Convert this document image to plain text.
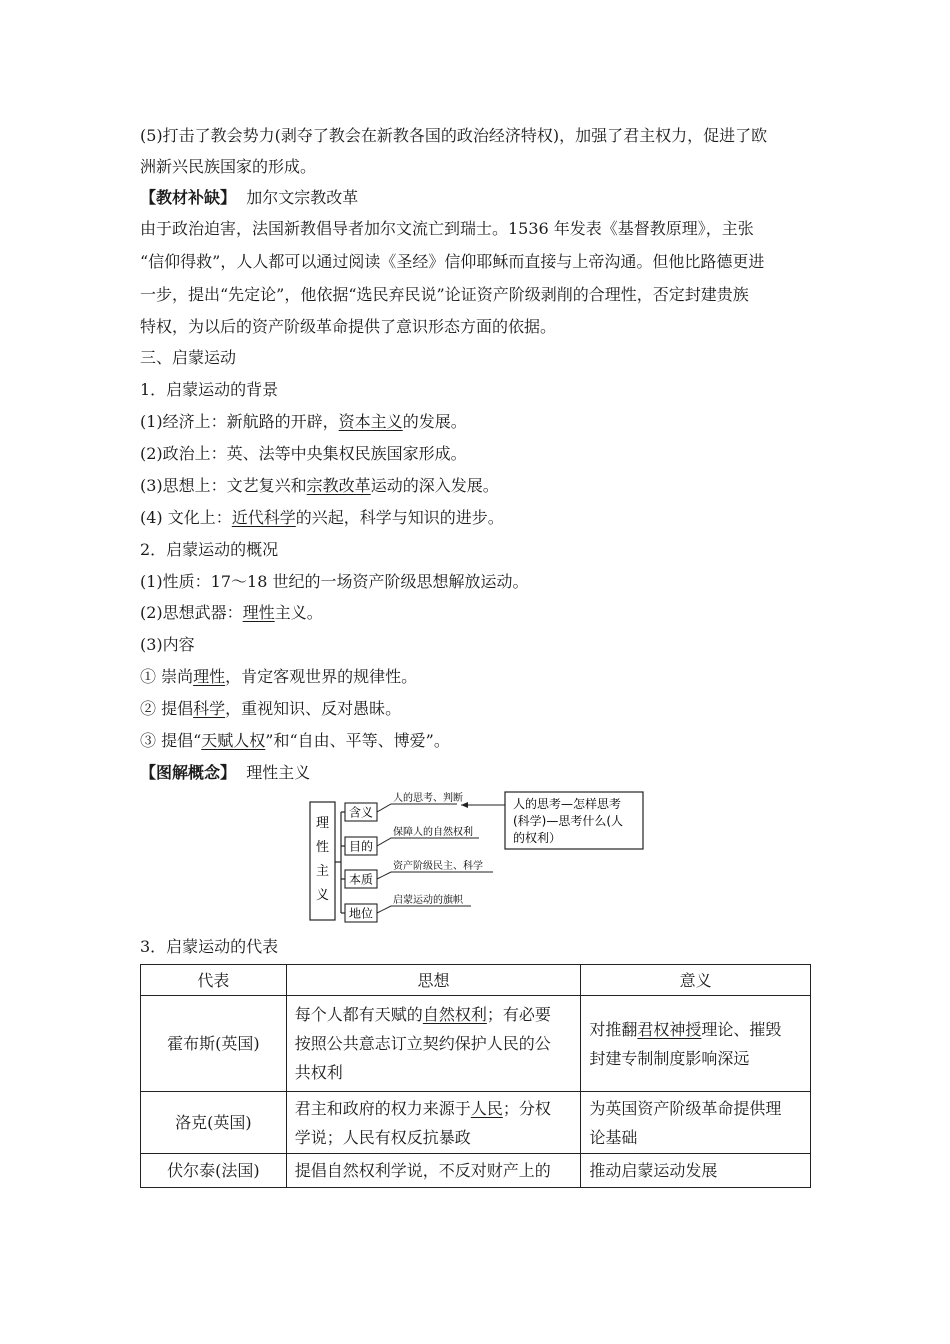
(5)打击了教会势力(剥夺了教会在新教各国的政治经济特权)，加强了君主权力，促进了欧
洲新兴民族国家的形成。
【教材补缺】 加尔文宗教改革
由于政治迫害，法国新教倡导者加尔文流亡到瑞士。1536 年发表《基督教原理》，主张
“信仰得救”，人人都可以通过阅读《圣经》信仰耶稣而直接与上帝沟通。但他比路德更进
一步，提出“先定论”，他依据“选民弃民说”论证资产阶级剥削的合理性，否定封建贵族
特权，为以后的资产阶级革命提供了意识形态方面的依据。
三、启蒙运动
1．启蒙运动的背景
(1)经济上：新航路的开辟，资本主义的发展。
(2)政治上：英、法等中央集权民族国家形成。
(3)思想上：文艺复兴和宗教改革运动的深入发展。
(4) 文化上：近代科学的兴起，科学与知识的进步。
2．启蒙运动的概况
(1)性质：17～18 世纪的一场资产阶级思想解放运动。
(2)思想武器：理性主义。
(3)内容
① 崇尚理性，肯定客观世界的规律性。
② 提倡科学，重视知识、反对愚昧。
③ 提倡“天赋人权”和“自由、平等、博爱”。
【图解概念】 理性主义
理
性
主
义
含义
目的
本质
地位
人的思考、判断
保障人的自然权利
资产阶级民主、科学
启蒙运动的旗帜
人的思考—怎样思考
(科学)—思考什么(人
的权利）
3．启蒙运动的代表
代表	思想	意义
霍布斯(英国)	每个人都有天赋的自然权利；有必要
按照公共意志订立契约保护人民的公
共权利	对推翻君权神授理论、摧毁
封建专制制度影响深远
洛克(英国)	君主和政府的权力来源于人民；分权
学说；人民有权反抗暴政	为英国资产阶级革命提供理
论基础
伏尔泰(法国)	提倡自然权利学说，不反对财产上的	推动启蒙运动发展
